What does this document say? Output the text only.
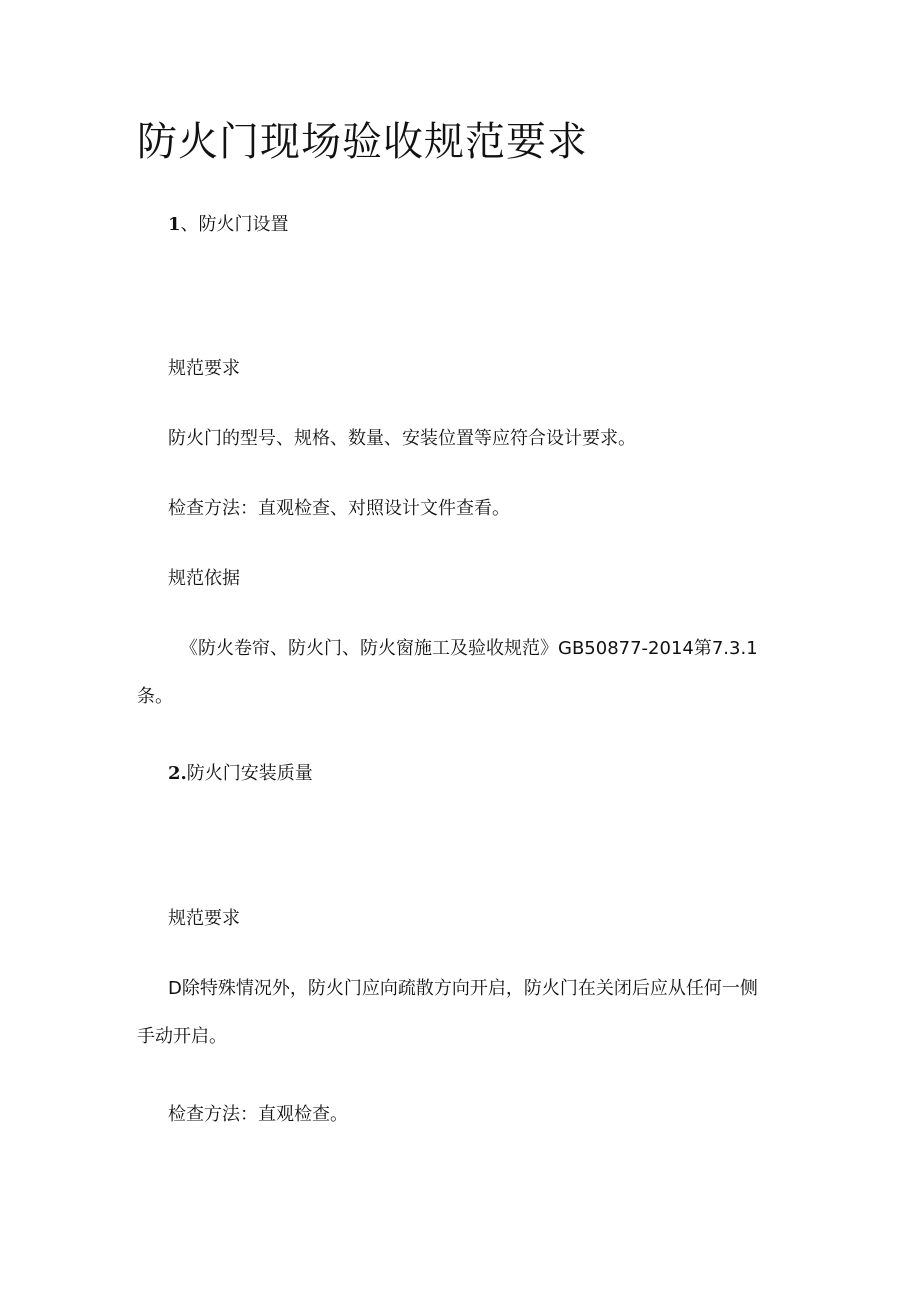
防火门现场验收规范要求
1、防火门设置

规范要求

防火门的型号、规格、数量、安装位置等应符合设计要求。

检查方法：直观检查、对照设计文件查看。

规范依据

《防火卷帘、防火门、防火窗施工及验收规范》GB50877-2014第7.3.1

条。

2.防火门安装质量

规范要求

D除特殊情况外，防火门应向疏散方向开启，防火门在关闭后应从任何一侧

手动开启。

检查方法：直观检查。
